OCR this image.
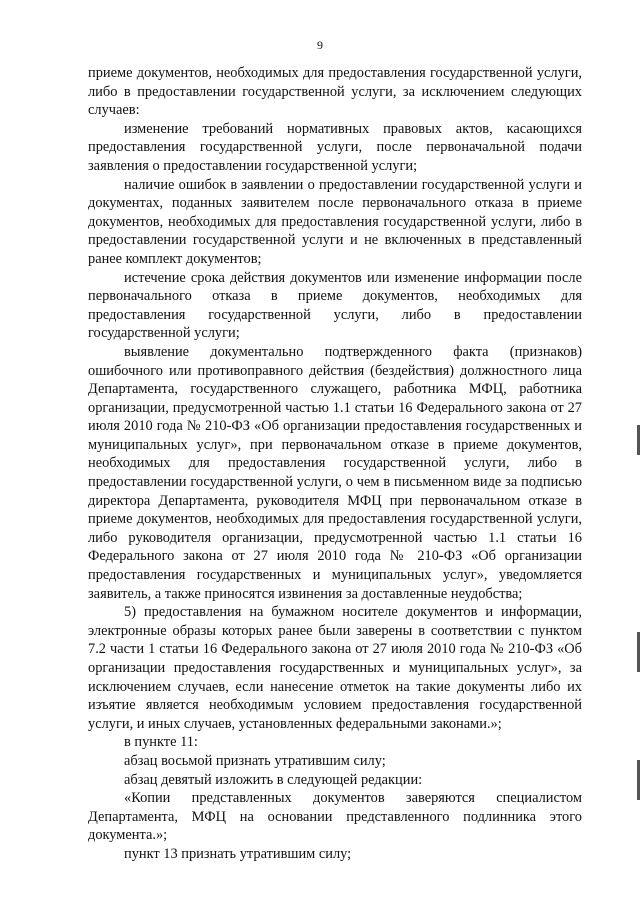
9

приеме документов, необходимых для предоставления государственной услуги, либо в предоставлении государственной услуги, за исключением следующих случаев:

изменение требований нормативных правовых актов, касающихся предоставления государственной услуги, после первоначальной подачи заявления о предоставлении государственной услуги;

наличие ошибок в заявлении о предоставлении государственной услуги и документах, поданных заявителем после первоначального отказа в приеме документов, необходимых для предоставления государственной услуги, либо в предоставлении государственной услуги и не включенных в представленный ранее комплект документов;

истечение срока действия документов или изменение информации после первоначального отказа в приеме документов, необходимых для предоставления государственной услуги, либо в предоставлении государственной услуги;

выявление документально подтвержденного факта (признаков) ошибочного или противоправного действия (бездействия) должностного лица Департамента, государственного служащего, работника МФЦ, работника организации, предусмотренной частью 1.1 статьи 16 Федерального закона от 27 июля 2010 года № 210-ФЗ «Об организации предоставления государственных и муниципальных услуг», при первоначальном отказе в приеме документов, необходимых для предоставления государственной услуги, либо в предоставлении государственной услуги, о чем в письменном виде за подписью директора Департамента, руководителя МФЦ при первоначальном отказе в приеме документов, необходимых для предоставления государственной услуги, либо руководителя организации, предусмотренной частью 1.1 статьи 16 Федерального закона от 27 июля 2010 года № 210-ФЗ «Об организации предоставления государственных и муниципальных услуг», уведомляется заявитель, а также приносятся извинения за доставленные неудобства;

5) предоставления на бумажном носителе документов и информации, электронные образы которых ранее были заверены в соответствии с пунктом 7.2 части 1 статьи 16 Федерального закона от 27 июля 2010 года № 210-ФЗ «Об организации предоставления государственных и муниципальных услуг», за исключением случаев, если нанесение отметок на такие документы либо их изъятие является необходимым условием предоставления государственной услуги, и иных случаев, установленных федеральными законами.»;

в пункте 11:

абзац восьмой признать утратившим силу;

абзац девятый изложить в следующей редакции:

«Копии представленных документов заверяются специалистом Департамента, МФЦ на основании представленного подлинника этого документа.»;

пункт 13 признать утратившим силу;
